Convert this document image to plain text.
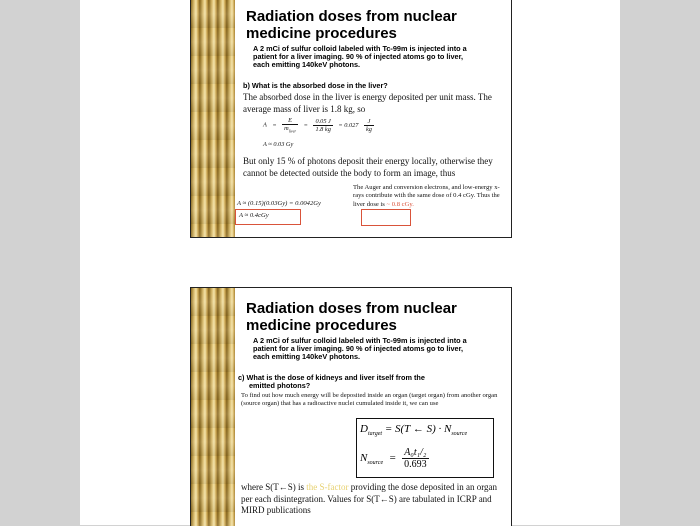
Radiation doses from nuclear medicine procedures
A 2 mCi of sulfur colloid labeled with Tc-99m is injected into a patient for a liver imaging. 90 % of injected atoms go to liver, each emitting 140keV photons.
b) What is the absorbed dose in the liver?
The absorbed dose in the liver is energy deposited per unit mass. The average mass of liver is 1.8 kg, so
$A = \frac{E}{m_{liver}} = \frac{0.05 J}{1.8 kg} = 0.027 \frac{J}{kg}$
A ≈ 0.03 Gy
But only 15 % of photons deposit their energy locally, otherwise they cannot be detected outside the body to form an image, thus
A ≈ (0.15)(0.03Gy) = 0.0042Gy
A ≈ 0.4cGy
The Auger and conversion electrons, and low-energy x-rays contribute with the same dose of 0.4 cGy. Thus the liver dose is ~ 0.8 cGy.
Radiation doses from nuclear medicine procedures
A 2 mCi of sulfur colloid labeled with Tc-99m is injected into a patient for a liver imaging. 90 % of injected atoms go to liver, each emitting 140keV photons.
c) What is the dose of kidneys and liver itself from the
emitted photons?
To find out how much energy will be deposited inside an organ (target organ) from another organ (source organ) that has a radioactive nuclei cumulated inside it, we can use
$D_{target} = S(T$ ← $S) \cdot N_{source}$
$N_{source} = \frac{\text{A₀t₁/₂}}{0.693}$
where S(T←S) is the S-factor providing the dose deposited in an organ per each disintegration. Values for S(T←S) are tabulated in ICRP and MIRD publications
